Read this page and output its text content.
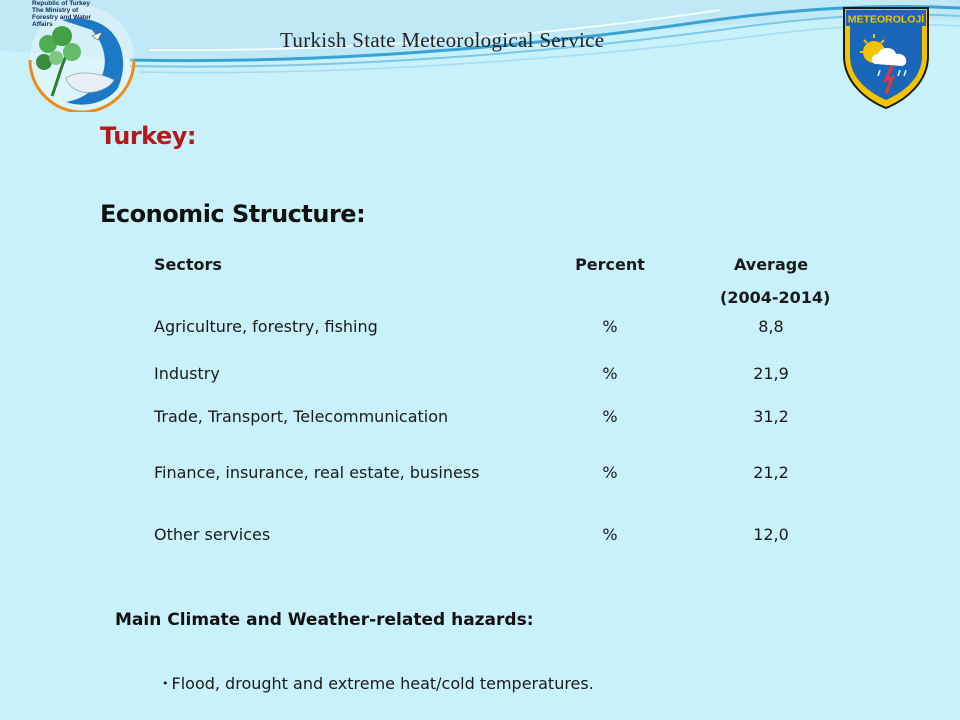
Republic of Turkey
The Ministry of
Forestry and Water
Affairs	METEOROLOJİ
Turkish State Meteorological Service
Turkey:
Economic Structure:
Sectors	Percent	Average
(2004-2014)
Agriculture, forestry, fishing	%	8,8
Industry	%	21,9
Trade, Transport, Telecommunication	%	31,2
Finance, insurance, real estate, business	%	21,2
Other services	%	12,0
Main Climate and Weather-related hazards:
• Flood, drought and extreme heat/cold temperatures.
